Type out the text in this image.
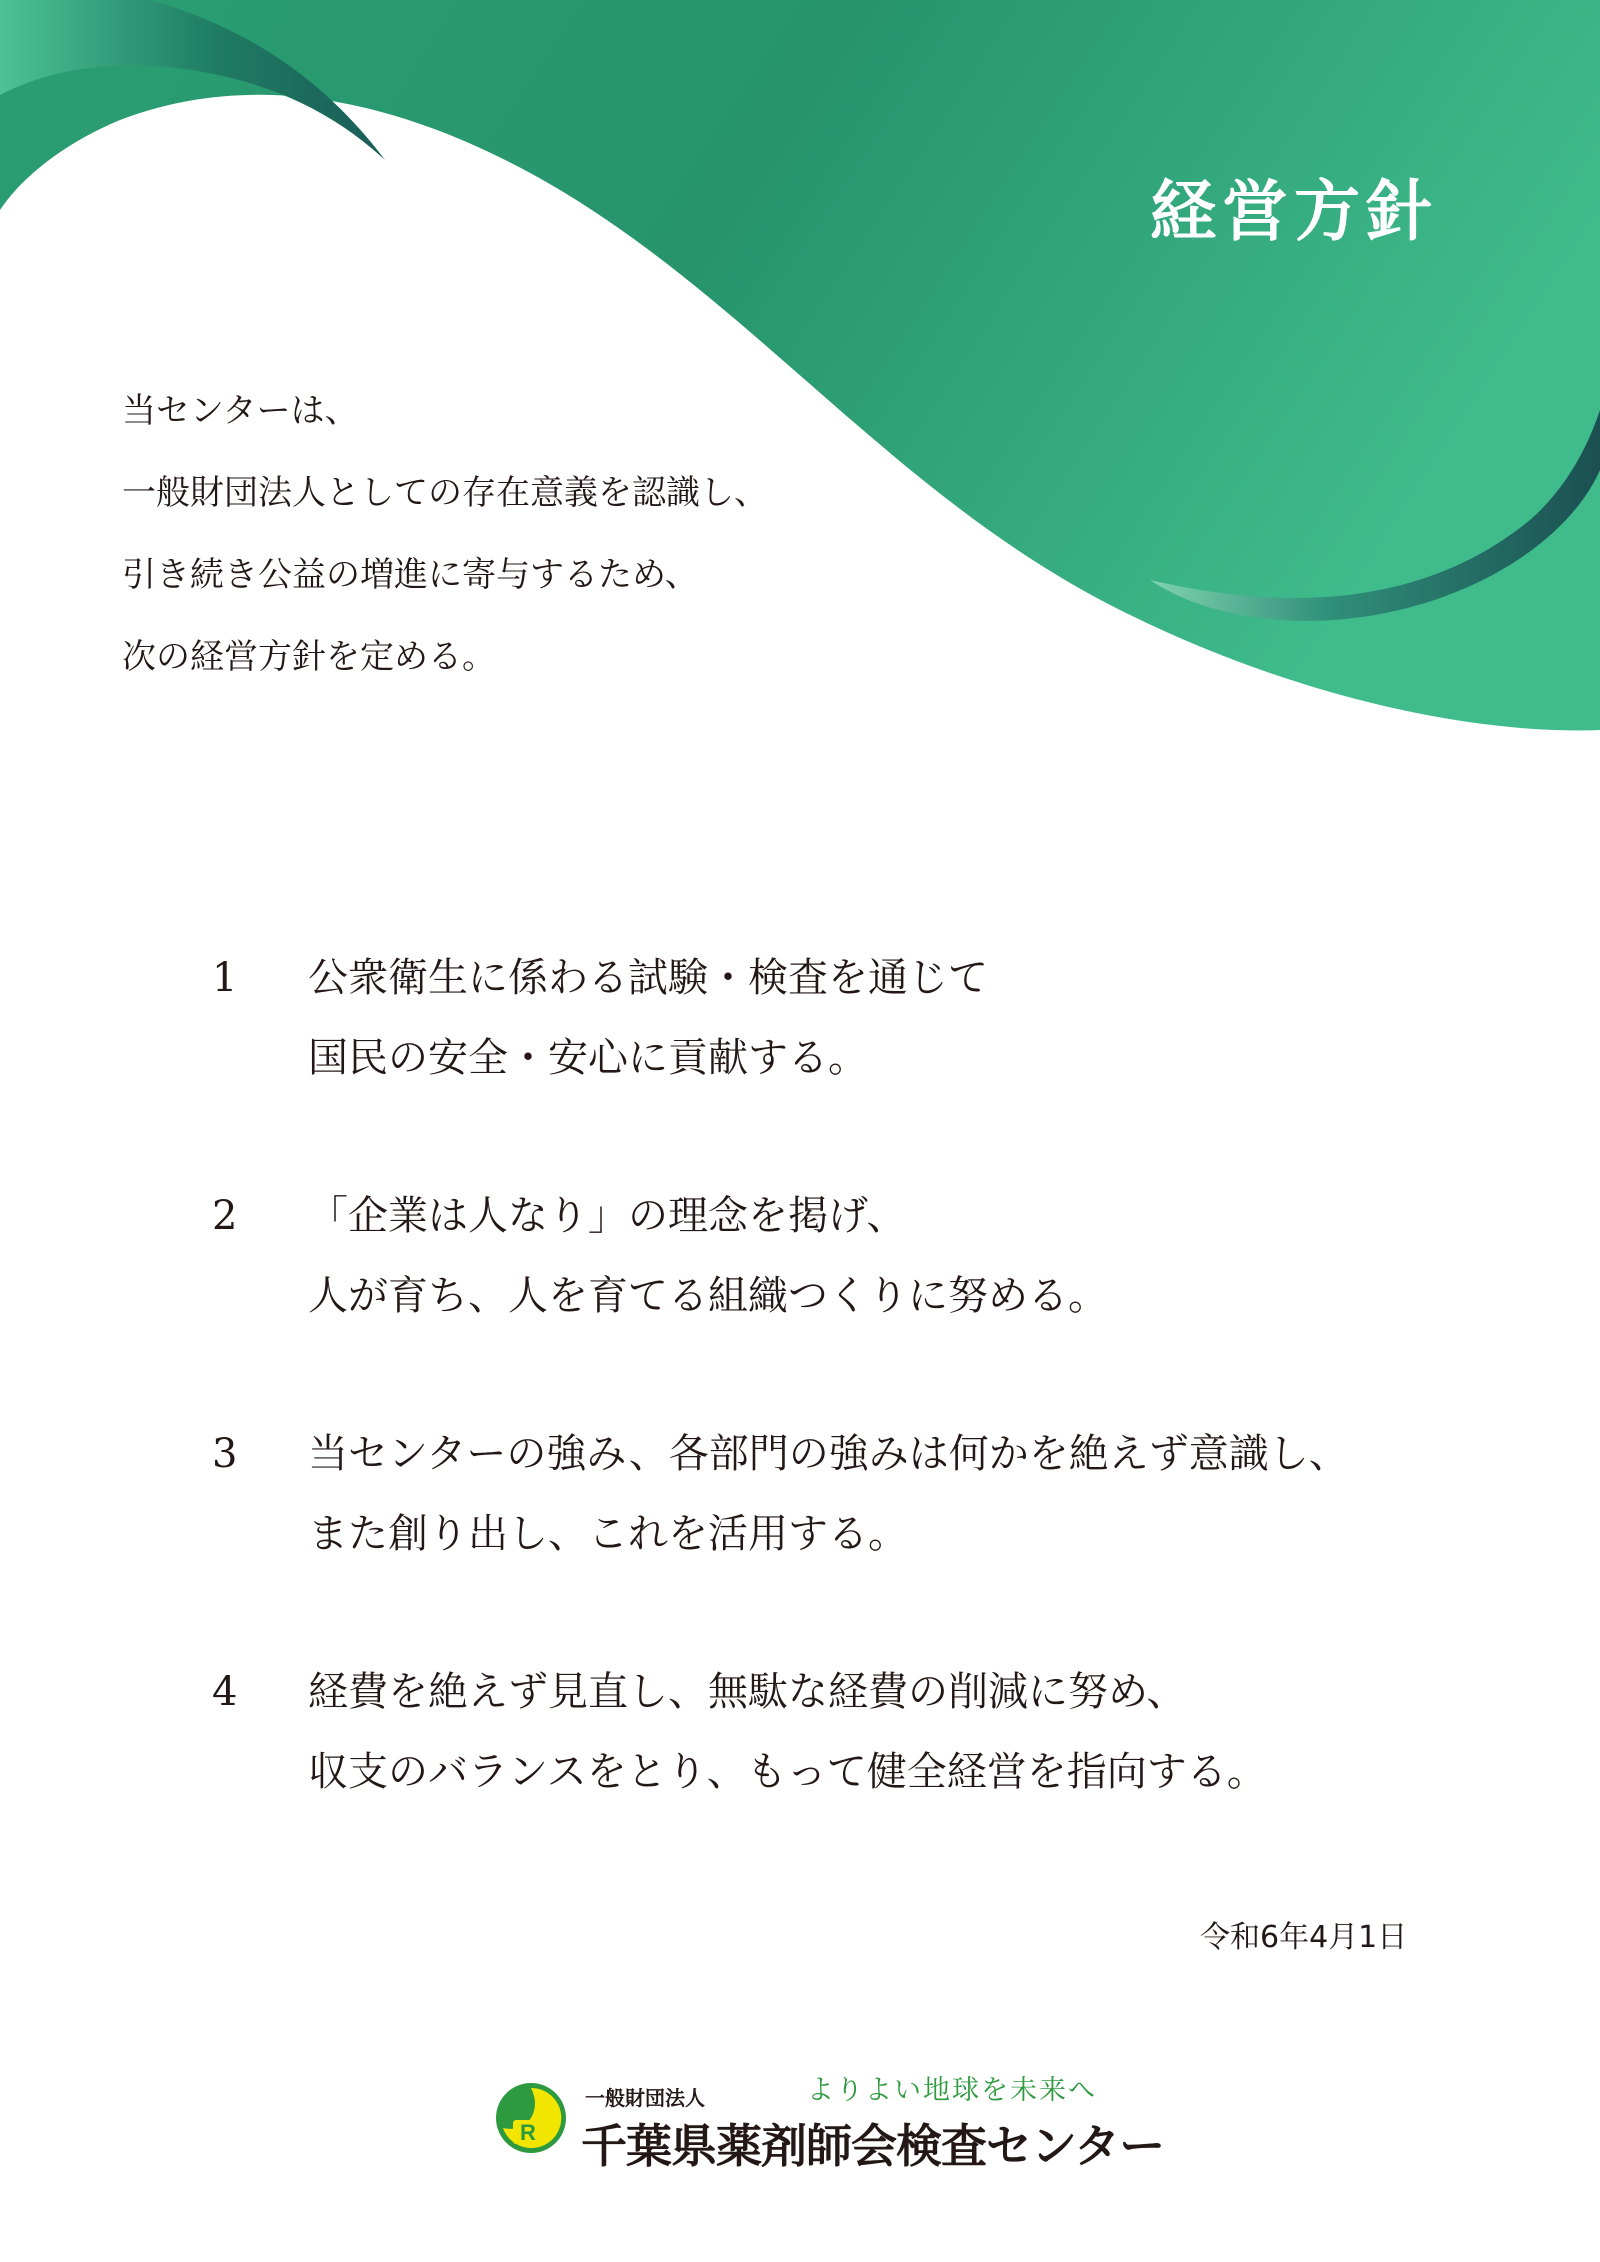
経営方針
当センターは、
一般財団法人としての存在意義を認識し、
引き続き公益の増進に寄与するため、
次の経営方針を定める。
1	公衆衛生に係わる試験・検査を通じて
国民の安全・安心に貢献する。
2	「企業は人なり」の理念を掲げ、
人が育ち、人を育てる組織つくりに努める。
3	当センターの強み、各部門の強みは何かを絶えず意識し、
また創り出し、これを活用する。
4	経費を絶えず見直し、無駄な経費の削減に努め、
収支のバランスをとり、もって健全経営を指向する。
令和6年4月1日
R
一般財団法人	よりよい地球を未来へ
千葉県薬剤師会検査センター
